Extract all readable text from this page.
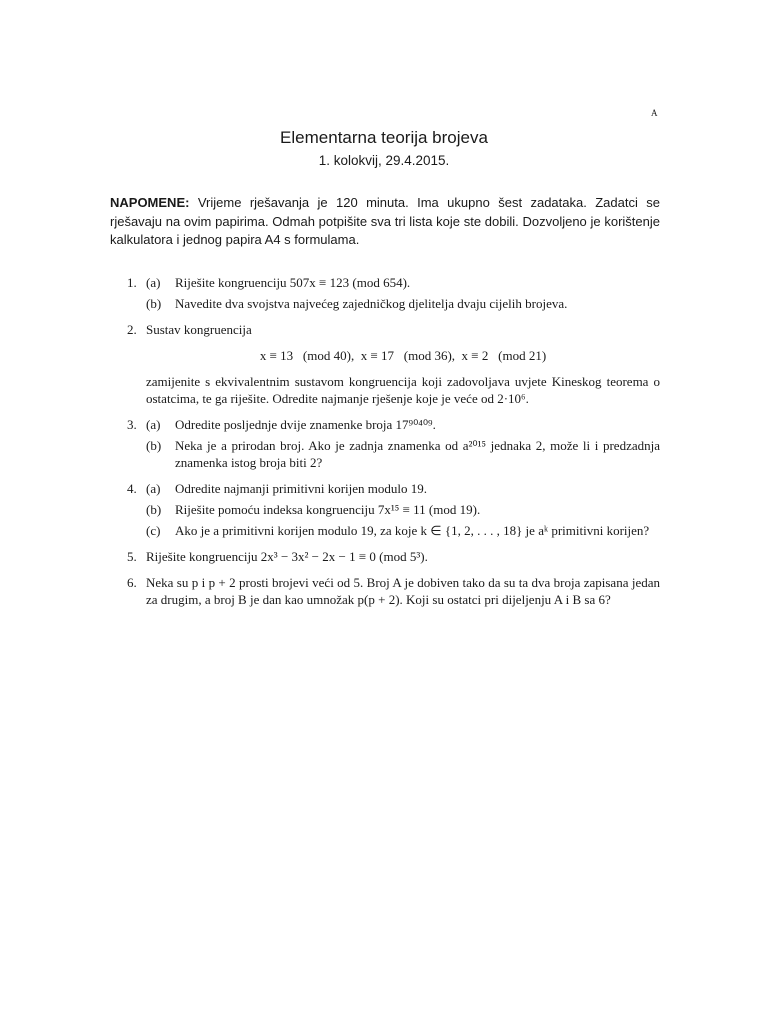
A
Elementarna teorija brojeva
1. kolokvij, 29.4.2015.
NAPOMENE: Vrijeme rješavanja je 120 minuta. Ima ukupno šest zadataka. Zadatci se rješavaju na ovim papirima. Odmah potpišite sva tri lista koje ste dobili. Dozvoljeno je korištenje kalkulatora i jednog papira A4 s formulama.
1. (a) Riješite kongruenciju 507x ≡ 123 (mod 654).
(b) Navedite dva svojstva najvećeg zajedničkog djelitelja dvaju cijelih brojeva.
2. Sustav kongruencija
x ≡ 13   (mod 40),  x ≡ 17   (mod 36),  x ≡ 2   (mod 21)
zamijenite s ekvivalentnim sustavom kongruencija koji zadovoljava uvjete Kineskog teorema o ostatcima, te ga riješite. Odredite najmanje rješenje koje je veće od 2·10⁶.
3. (a) Odredite posljednje dvije znamenke broja 17⁹⁰⁴⁰⁹.
(b) Neka je a prirodan broj. Ako je zadnja znamenka od a²⁰¹⁵ jednaka 2, može li i predzadnja znamenka istog broja biti 2?
4. (a) Odredite najmanji primitivni korijen modulo 19.
(b) Riješite pomoću indeksa kongruenciju 7x¹⁵ ≡ 11 (mod 19).
(c) Ako je a primitivni korijen modulo 19, za koje k ∈ {1, 2, . . . , 18} je aᵏ primitivni korijen?
5. Riješite kongruenciju 2x³ − 3x² − 2x − 1 ≡ 0 (mod 5³).
6. Neka su p i p + 2 prosti brojevi veći od 5. Broj A je dobiven tako da su ta dva broja zapisana jedan za drugim, a broj B je dan kao umnožak p(p + 2). Koji su ostatci pri dijeljenju A i B sa 6?
